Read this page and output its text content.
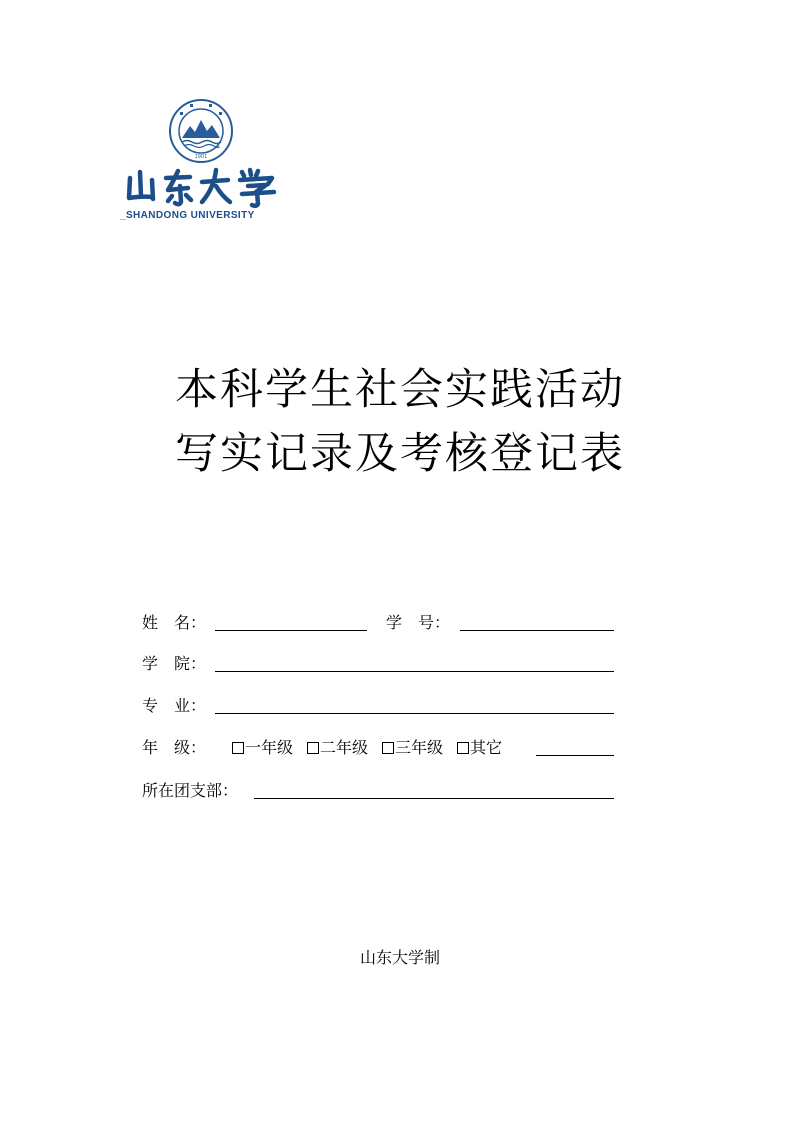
1901
_SHANDONG UNIVERSITY
本科学生社会实践活动
写实记录及考核登记表
姓　名：	学　号：
学　院：
专　业：
年　级：	一年级 二年级 三年级 其它
所在团支部：
山东大学制
